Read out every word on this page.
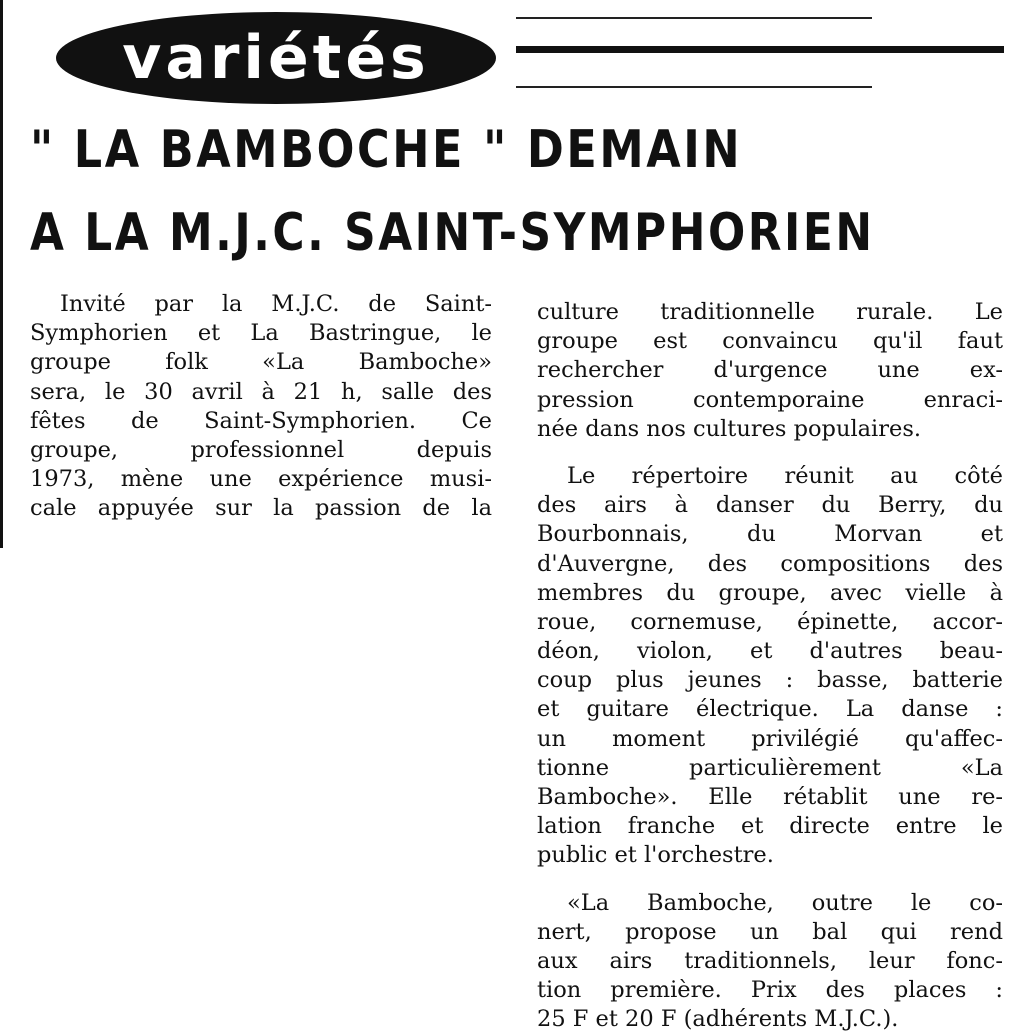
variétés
" LA BAMBOCHE " DEMAIN
A LA M.J.C. SAINT-SYMPHORIEN
Invité par la M.J.C. de Saint-
Symphorien et La Bastringue, le
groupe folk «La Bamboche»
sera, le 30 avril à 21 h, salle des
fêtes de Saint-Symphorien. Ce
groupe, professionnel depuis
1973, mène une expérience musi-
cale appuyée sur la passion de la
culture traditionnelle rurale. Le
groupe est convaincu qu'il faut
rechercher d'urgence une ex-
pression contemporaine enraci-
née dans nos cultures populaires.
Le répertoire réunit au côté
des airs à danser du Berry, du
Bourbonnais, du Morvan et
d'Auvergne, des compositions des
membres du groupe, avec vielle à
roue, cornemuse, épinette, accor-
déon, violon, et d'autres beau-
coup plus jeunes : basse, batterie
et guitare électrique. La danse :
un moment privilégié qu'affec-
tionne particulièrement «La
Bamboche». Elle rétablit une re-
lation franche et directe entre le
public et l'orchestre.
«La Bamboche, outre le co-
nert, propose un bal qui rend
aux airs traditionnels, leur fonc-
tion première. Prix des places :
25 F et 20 F (adhérents M.J.C.).
